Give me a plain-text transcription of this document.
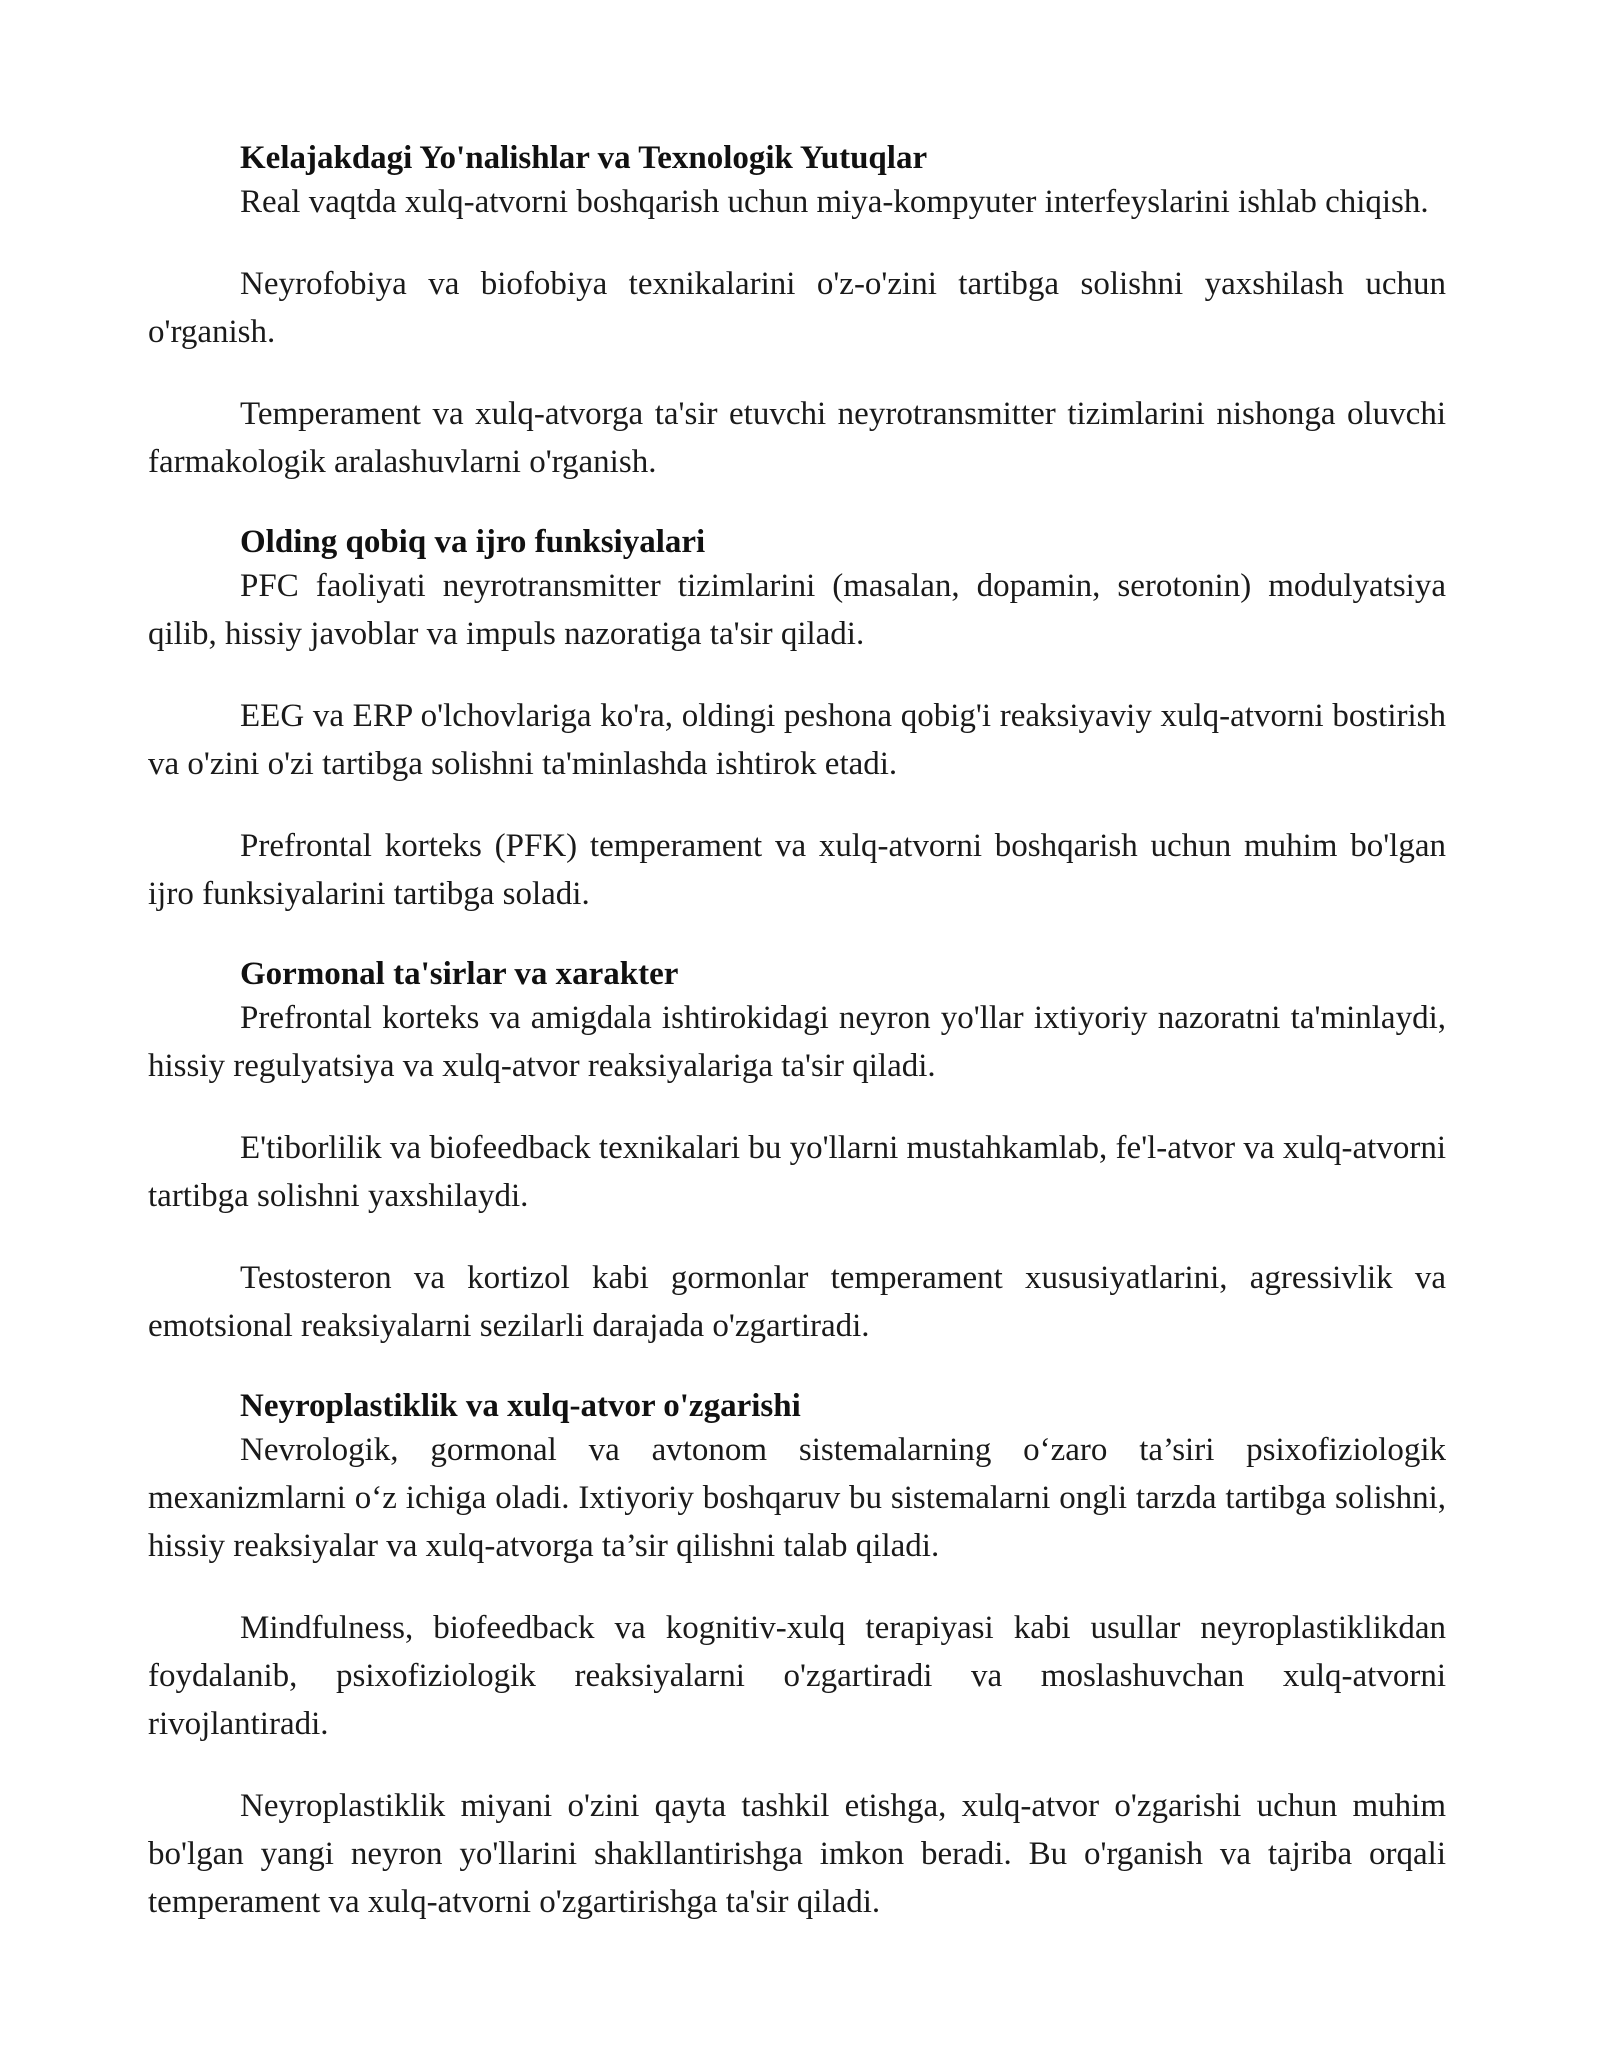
Kelajakdagi Yo'nalishlar va Texnologik Yutuqlar

Real vaqtda xulq-atvorni boshqarish uchun miya-kompyuter interfeyslarini ishlab chiqish.

Neyrofobiya va biofobiya texnikalarini o'z-o'zini tartibga solishni yaxshilash uchun o'rganish.

Temperament va xulq-atvorga ta'sir etuvchi neyrotransmitter tizimlarini nishonga oluvchi farmakologik aralashuvlarni o'rganish.

Olding qobiq va ijro funksiyalari

PFC faoliyati neyrotransmitter tizimlarini (masalan, dopamin, serotonin) modulyatsiya qilib, hissiy javoblar va impuls nazoratiga ta'sir qiladi.

EEG va ERP o'lchovlariga ko'ra, oldingi peshona qobig'i reaksiyaviy xulq-atvorni bostirish va o'zini o'zi tartibga solishni ta'minlashda ishtirok etadi.

Prefrontal korteks (PFK) temperament va xulq-atvorni boshqarish uchun muhim bo'lgan ijro funksiyalarini tartibga soladi.

Gormonal ta'sirlar va xarakter

Prefrontal korteks va amigdala ishtirokidagi neyron yo'llar ixtiyoriy nazoratni ta'minlaydi, hissiy regulyatsiya va xulq-atvor reaksiyalariga ta'sir qiladi.

E'tiborlilik va biofeedback texnikalari bu yo'llarni mustahkamlab, fe'l-atvor va xulq-atvorni tartibga solishni yaxshilaydi.

Testosteron va kortizol kabi gormonlar temperament xususiyatlarini, agressivlik va emotsional reaksiyalarni sezilarli darajada o'zgartiradi.

Neyroplastiklik va xulq-atvor o'zgarishi

Nevrologik, gormonal va avtonom sistemalarning o‘zaro ta’siri psixofiziologik mexanizmlarni o‘z ichiga oladi. Ixtiyoriy boshqaruv bu sistemalarni ongli tarzda tartibga solishni, hissiy reaksiyalar va xulq-atvorga ta’sir qilishni talab qiladi.

Mindfulness, biofeedback va kognitiv-xulq terapiyasi kabi usullar neyroplastiklikdan foydalanib, psixofiziologik reaksiyalarni o'zgartiradi va moslashuvchan xulq-atvorni rivojlantiradi.

Neyroplastiklik miyani o'zini qayta tashkil etishga, xulq-atvor o'zgarishi uchun muhim bo'lgan yangi neyron yo'llarini shakllantirishga imkon beradi. Bu o'rganish va tajriba orqali temperament va xulq-atvorni o'zgartirishga ta'sir qiladi.
